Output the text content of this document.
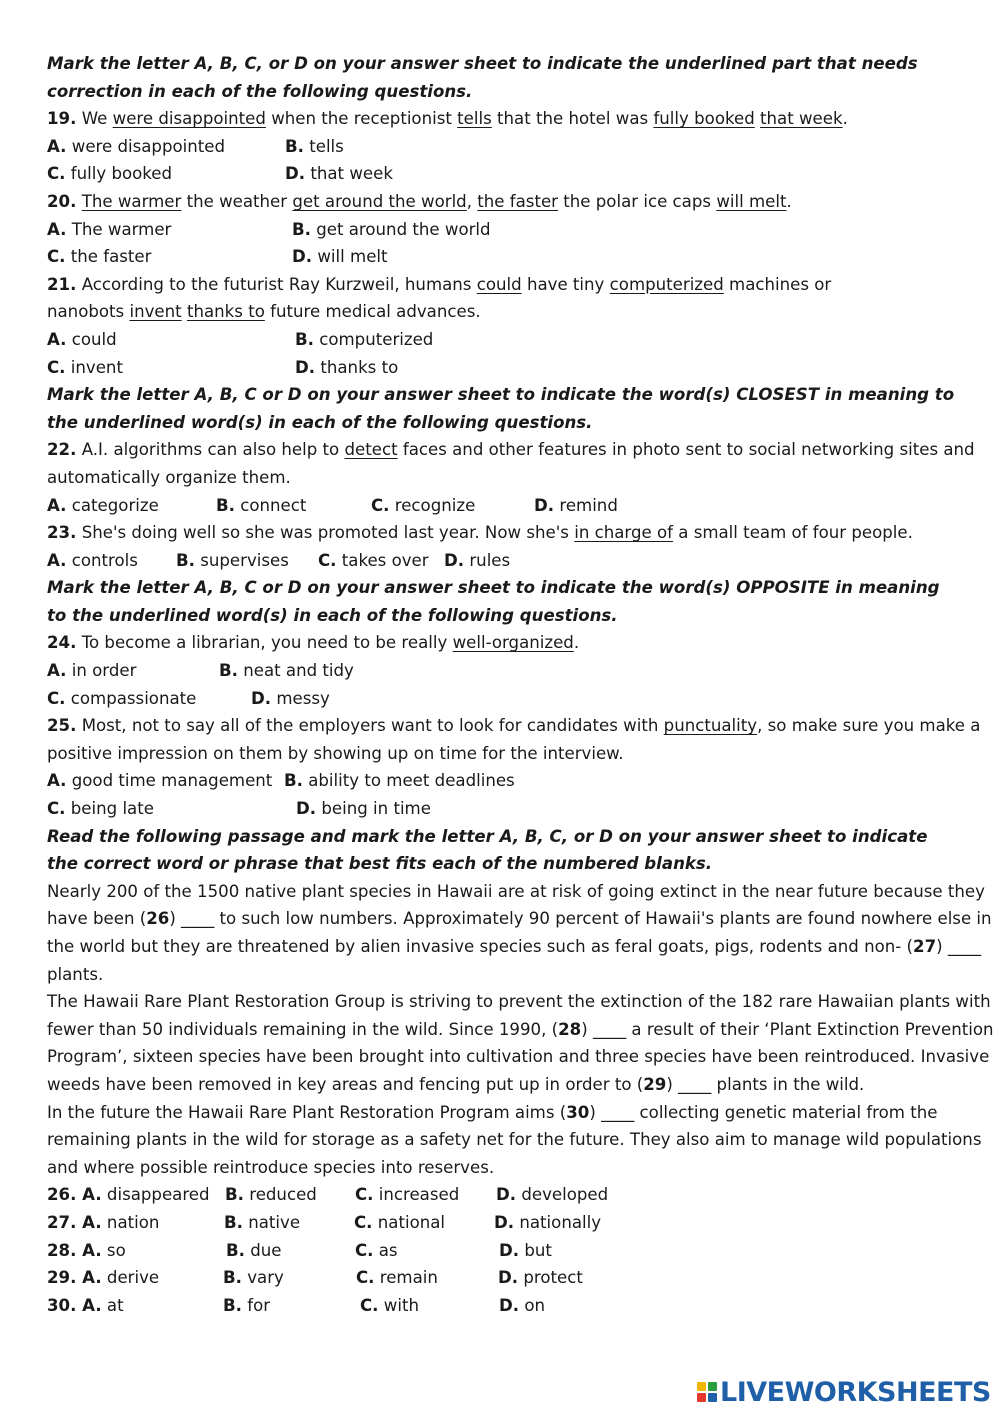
Mark the letter A, B, C, or D on your answer sheet to indicate the underlined part that needs correction in each of the following questions.
19. We were disappointed when the receptionist tells that the hotel was fully booked that week.
A. were disappointed	B. tells
C. fully booked	D. that week
20. The warmer the weather get around the world, the faster the polar ice caps will melt.
A. The warmer	B. get around the world
C. the faster	D. will melt
21. According to the futurist Ray Kurzweil, humans could have tiny computerized machines or
nanobots invent thanks to future medical advances.
A. could	B. computerized
C. invent	D. thanks to
Mark the letter A, B, C or D on your answer sheet to indicate the word(s) CLOSEST in meaning to the underlined word(s) in each of the following questions.
22. A.I. algorithms can also help to detect faces and other features in photo sent to social networking sites and
automatically organize them.
A. categorize	B. connect	C. recognize	D. remind
23. She's doing well so she was promoted last year. Now she's in charge of a small team of four people.
A. controls B. supervises C. takes over D. rules
Mark the letter A, B, C or D on your answer sheet to indicate the word(s) OPPOSITE in meaning to the underlined word(s) in each of the following questions.
24. To become a librarian, you need to be really well-organized.
A. in order	B. neat and tidy
C. compassionate	D. messy
25. Most, not to say all of the employers want to look for candidates with punctuality, so make sure you make a
positive impression on them by showing up on time for the interview.
A. good time management B. ability to meet deadlines
C. being late	D. being in time
Read the following passage and mark the letter A, B, C, or D on your answer sheet to indicate the correct word or phrase that best fits each of the numbered blanks.
Nearly 200 of the 1500 native plant species in Hawaii are at risk of going extinct in the near future because they
have been (26) ____ to such low numbers. Approximately 90 percent of Hawaii's plants are found nowhere else in
the world but they are threatened by alien invasive species such as feral goats, pigs, rodents and non- (27) ____
plants.
The Hawaii Rare Plant Restoration Group is striving to prevent the extinction of the 182 rare Hawaiian plants with
fewer than 50 individuals remaining in the wild. Since 1990, (28) ____ a result of their ‘Plant Extinction Prevention
Program’, sixteen species have been brought into cultivation and three species have been reintroduced. Invasive
weeds have been removed in key areas and fencing put up in order to (29) ____ plants in the wild.
In the future the Hawaii Rare Plant Restoration Program aims (30) ____ collecting genetic material from the
remaining plants in the wild for storage as a safety net for the future. They also aim to manage wild populations
and where possible reintroduce species into reserves.
26. A. disappeared B. reduced C. increased D. developed
27. A. nation	B. native	C. national	D. nationally
28. A. so	B. due	C. as	D. but
29. A. derive	B. vary	C. remain	D. protect
30. A. at	B. for	C. with	D. on
LIVEWORKSHEETS
